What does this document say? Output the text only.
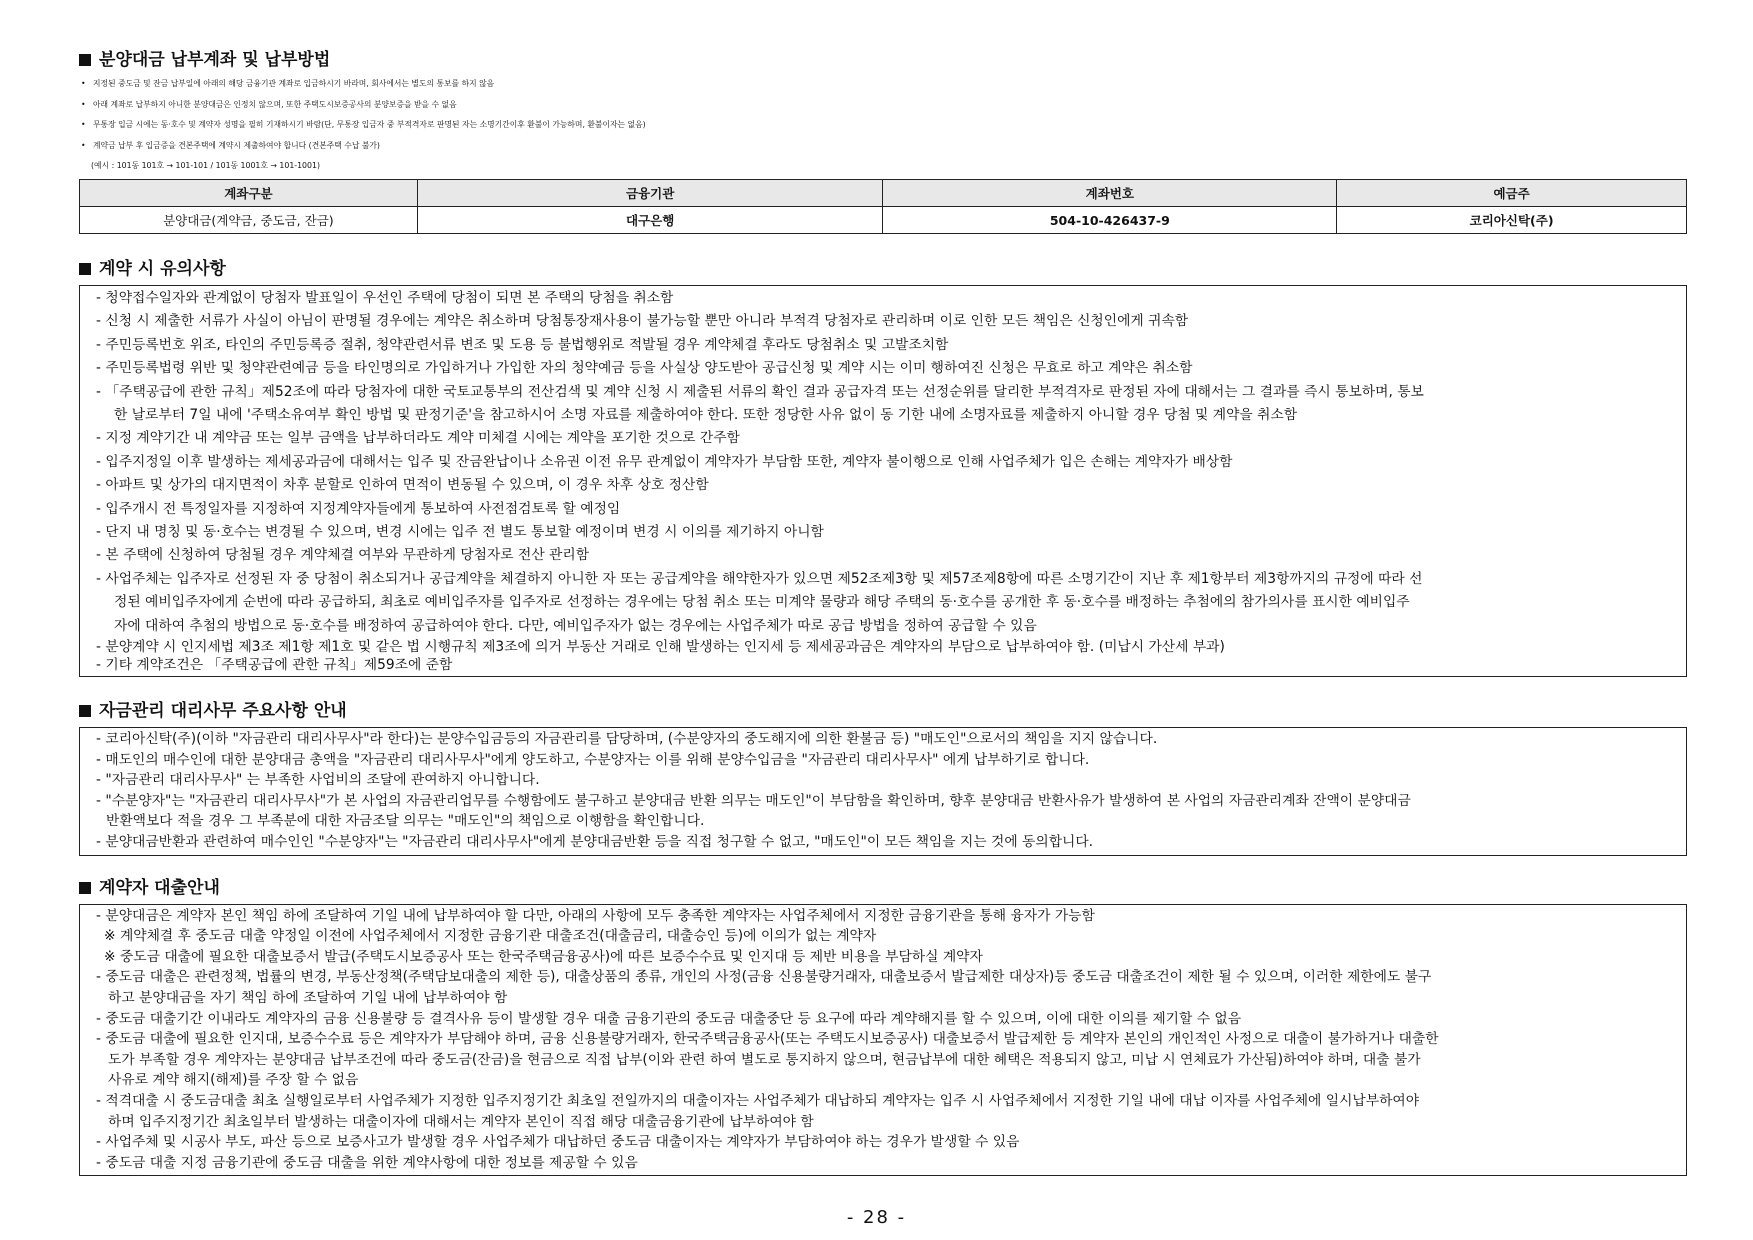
분양대금 납부계좌 및 납부방법
• 지정된 중도금 및 잔금 납부일에 아래의 해당 금융기관 계좌로 입금하시기 바라며, 회사에서는 별도의 통보를 하지 않음
• 아래 계좌로 납부하지 아니한 분양대금은 인정치 않으며, 또한 주택도시보증공사의 분양보증을 받을 수 없음
• 무통장 입금 시에는 동·호수 및 계약자 성명을 필히 기재하시기 바람(단, 무통장 입금자 중 부적격자로 판명된 자는 소명기간이후 환불이 가능하며, 환불이자는 없음)
• 계약금 납부 후 입금증을 견본주택에 계약시 제출하여야 합니다 (견본주택 수납 불가)
(예시 : 101동 101호 → 101-101 / 101동 1001호 → 101-1001)
계좌구분	금융기관	계좌번호	예금주
분양대금(계약금, 중도금, 잔금)	대구은행	504-10-426437-9	코리아신탁(주)
계약 시 유의사항
- 청약접수일자와 관계없이 당첨자 발표일이 우선인 주택에 당첨이 되면 본 주택의 당첨을 취소함
- 신청 시 제출한 서류가 사실이 아님이 판명될 경우에는 계약은 취소하며 당첨통장재사용이 불가능할 뿐만 아니라 부적격 당첨자로 관리하며 이로 인한 모든 책임은 신청인에게 귀속함
- 주민등록번호 위조, 타인의 주민등록증 절취, 청약관련서류 변조 및 도용 등 불법행위로 적발될 경우 계약체결 후라도 당첨취소 및 고발조치함
- 주민등록법령 위반 및 청약관련예금 등을 타인명의로 가입하거나 가입한 자의 청약예금 등을 사실상 양도받아 공급신청 및 계약 시는 이미 행하여진 신청은 무효로 하고 계약은 취소함
- 「주택공급에 관한 규칙」제52조에 따라 당첨자에 대한 국토교통부의 전산검색 및 계약 신청 시 제출된 서류의 확인 결과 공급자격 또는 선정순위를 달리한 부적격자로 판정된 자에 대해서는 그 결과를 즉시 통보하며, 통보
한 날로부터 7일 내에 '주택소유여부 확인 방법 및 판정기준'을 참고하시어 소명 자료를 제출하여야 한다. 또한 정당한 사유 없이 동 기한 내에 소명자료를 제출하지 아니할 경우 당첨 및 계약을 취소함
- 지정 계약기간 내 계약금 또는 일부 금액을 납부하더라도 계약 미체결 시에는 계약을 포기한 것으로 간주함
- 입주지정일 이후 발생하는 제세공과금에 대해서는 입주 및 잔금완납이나 소유권 이전 유무 관계없이 계약자가 부담함 또한, 계약자 불이행으로 인해 사업주체가 입은 손해는 계약자가 배상함
- 아파트 및 상가의 대지면적이 차후 분할로 인하여 면적이 변동될 수 있으며, 이 경우 차후 상호 정산함
- 입주개시 전 특정일자를 지정하여 지정계약자들에게 통보하여 사전점검토록 할 예정임
- 단지 내 명칭 및 동·호수는 변경될 수 있으며, 변경 시에는 입주 전 별도 통보할 예정이며 변경 시 이의를 제기하지 아니함
- 본 주택에 신청하여 당첨될 경우 계약체결 여부와 무관하게 당첨자로 전산 관리함
- 사업주체는 입주자로 선정된 자 중 당첨이 취소되거나 공급계약을 체결하지 아니한 자 또는 공급계약을 해약한자가 있으면 제52조제3항 및 제57조제8항에 따른 소명기간이 지난 후 제1항부터 제3항까지의 규정에 따라 선
정된 예비입주자에게 순번에 따라 공급하되, 최초로 예비입주자를 입주자로 선정하는 경우에는 당첨 취소 또는 미계약 물량과 해당 주택의 동·호수를 공개한 후 동·호수를 배정하는 추첨에의 참가의사를 표시한 예비입주
자에 대하여 추첨의 방법으로 동·호수를 배정하여 공급하여야 한다. 다만, 예비입주자가 없는 경우에는 사업주체가 따로 공급 방법을 정하여 공급할 수 있음
- 분양계약 시 인지세법 제3조 제1항 제1호 및 같은 법 시행규칙 제3조에 의거 부동산 거래로 인해 발생하는 인지세 등 제세공과금은 계약자의 부담으로 납부하여야 함. (미납시 가산세 부과)
- 기타 계약조건은 「주택공급에 관한 규칙」제59조에 준함
자금관리 대리사무 주요사항 안내
- 코리아신탁(주)(이하 "자금관리 대리사무사"라 한다)는 분양수입금등의 자금관리를 담당하며, (수분양자의 중도해지에 의한 환불금 등) "매도인"으로서의 책임을 지지 않습니다.
- 매도인의 매수인에 대한 분양대금 총액을 "자금관리 대리사무사"에게 양도하고, 수분양자는 이를 위해 분양수입금을 "자금관리 대리사무사" 에게 납부하기로 합니다.
- "자금관리 대리사무사" 는 부족한 사업비의 조달에 관여하지 아니합니다.
- "수분양자"는 "자금관리 대리사무사"가 본 사업의 자금관리업무를 수행함에도 불구하고 분양대금 반환 의무는 매도인"이 부담함을 확인하며, 향후 분양대금 반환사유가 발생하여 본 사업의 자금관리계좌 잔액이 분양대금
반환액보다 적을 경우 그 부족분에 대한 자금조달 의무는 "매도인"의 책임으로 이행함을 확인합니다.
- 분양대금반환과 관련하여 매수인인 "수분양자"는 "자금관리 대리사무사"에게 분양대금반환 등을 직접 청구할 수 없고, "매도인"이 모든 책임을 지는 것에 동의합니다.
계약자 대출안내
- 분양대금은 계약자 본인 책임 하에 조달하여 기일 내에 납부하여야 할 다만, 아래의 사항에 모두 충족한 계약자는 사업주체에서 지정한 금융기관을 통해 융자가 가능함
※ 계약체결 후 중도금 대출 약정일 이전에 사업주체에서 지정한 금융기관 대출조건(대출금리, 대출승인 등)에 이의가 없는 계약자
※ 중도금 대출에 필요한 대출보증서 발급(주택도시보증공사 또는 한국주택금융공사)에 따른 보증수수료 및 인지대 등 제반 비용을 부담하실 계약자
- 중도금 대출은 관련정책, 법률의 변경, 부동산정책(주택담보대출의 제한 등), 대출상품의 종류, 개인의 사정(금융 신용불량거래자, 대출보증서 발급제한 대상자)등 중도금 대출조건이 제한 될 수 있으며, 이러한 제한에도 불구
하고 분양대금을 자기 책임 하에 조달하여 기일 내에 납부하여야 함
- 중도금 대출기간 이내라도 계약자의 금융 신용불량 등 결격사유 등이 발생할 경우 대출 금융기관의 중도금 대출중단 등 요구에 따라 계약해지를 할 수 있으며, 이에 대한 이의를 제기할 수 없음
- 중도금 대출에 필요한 인지대, 보증수수료 등은 계약자가 부담해야 하며, 금융 신용불량거래자, 한국주택금융공사(또는 주택도시보증공사) 대출보증서 발급제한 등 계약자 본인의 개인적인 사정으로 대출이 불가하거나 대출한
도가 부족할 경우 계약자는 분양대금 납부조건에 따라 중도금(잔금)을 현금으로 직접 납부(이와 관련 하여 별도로 통지하지 않으며, 현금납부에 대한 혜택은 적용되지 않고, 미납 시 연체료가 가산됨)하여야 하며, 대출 불가
사유로 계약 해지(해제)를 주장 할 수 없음
- 적격대출 시 중도금대출 최초 실행일로부터 사업주체가 지정한 입주지정기간 최초일 전일까지의 대출이자는 사업주체가 대납하되 계약자는 입주 시 사업주체에서 지정한 기일 내에 대납 이자를 사업주체에 일시납부하여야
하며 입주지정기간 최초일부터 발생하는 대출이자에 대해서는 계약자 본인이 직접 해당 대출금융기관에 납부하여야 함
- 사업주체 및 시공사 부도, 파산 등으로 보증사고가 발생할 경우 사업주체가 대납하던 중도금 대출이자는 계약자가 부담하여야 하는 경우가 발생할 수 있음
- 중도금 대출 지정 금융기관에 중도금 대출을 위한 계약사항에 대한 정보를 제공할 수 있음
- 28 -
